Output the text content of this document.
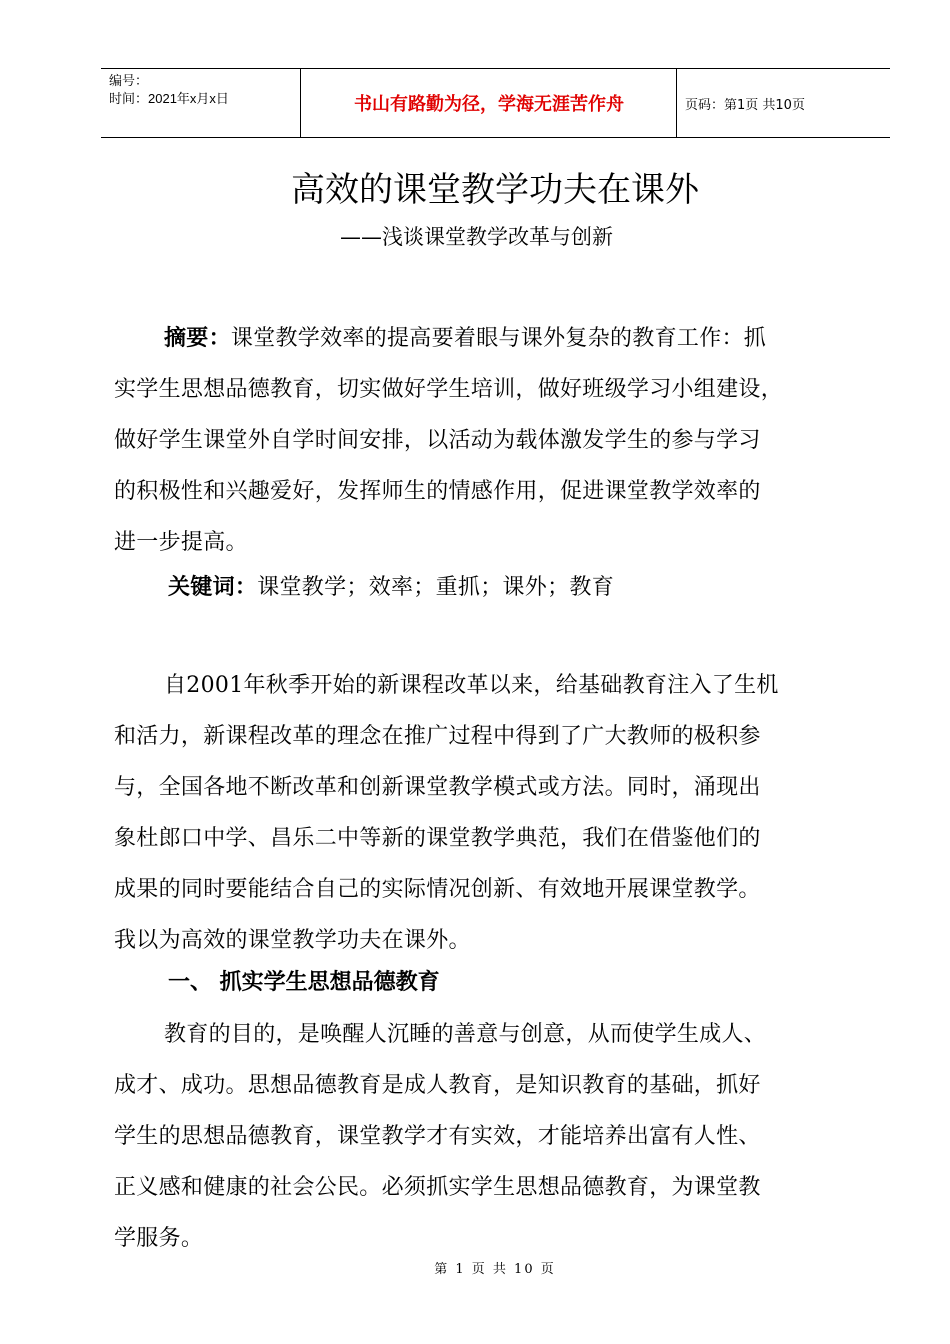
编号：
时间：2021年x月x日	书山有路勤为径，学海无涯苦作舟	页码：第1页 共10页
高效的课堂教学功夫在课外
——浅谈课堂教学改革与创新
摘要：课堂教学效率的提高要着眼与课外复杂的教育工作：抓
实学生思想品德教育，切实做好学生培训，做好班级学习小组建设，
做好学生课堂外自学时间安排，以活动为载体激发学生的参与学习
的积极性和兴趣爱好，发挥师生的情感作用，促进课堂教学效率的
进一步提高。
关键词：课堂教学；效率；重抓；课外；教育
自2001年秋季开始的新课程改革以来，给基础教育注入了生机
和活力，新课程改革的理念在推广过程中得到了广大教师的极积参
与，全国各地不断改革和创新课堂教学模式或方法。同时，涌现出
象杜郎口中学、昌乐二中等新的课堂教学典范，我们在借鉴他们的
成果的同时要能结合自己的实际情况创新、有效地开展课堂教学。
我以为高效的课堂教学功夫在课外。
一、 抓实学生思想品德教育
教育的目的，是唤醒人沉睡的善意与创意，从而使学生成人、
成才、成功。思想品德教育是成人教育，是知识教育的基础，抓好
学生的思想品德教育，课堂教学才有实效，才能培养出富有人性、
正义感和健康的社会公民。必须抓实学生思想品德教育，为课堂教
学服务。
第 1 页 共 10 页
